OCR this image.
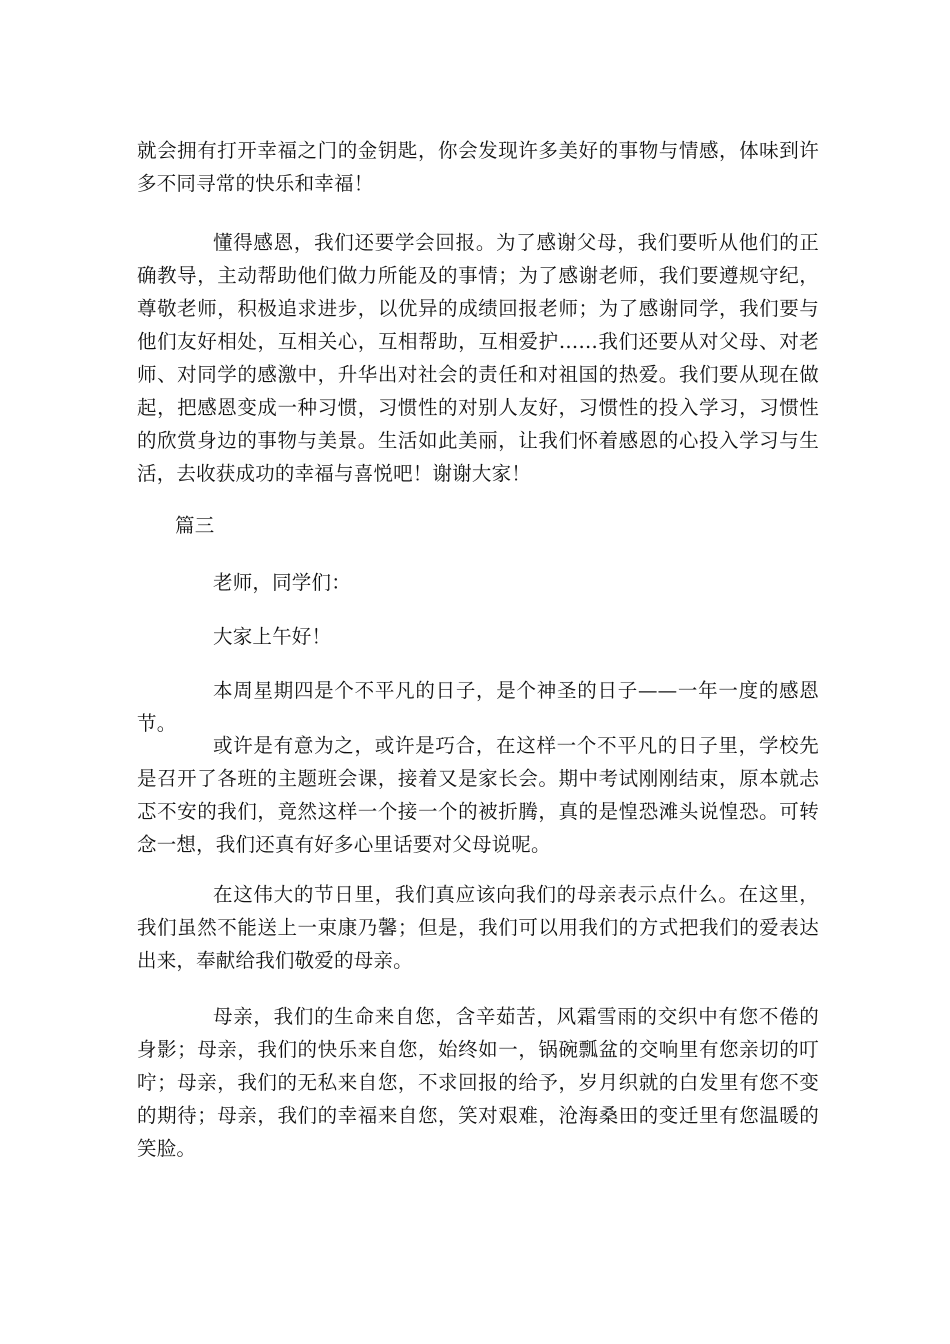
就会拥有打开幸福之门的金钥匙，你会发现许多美好的事物与情感，体味到许多不同寻常的快乐和幸福！

懂得感恩，我们还要学会回报。为了感谢父母，我们要听从他们的正确教导，主动帮助他们做力所能及的事情；为了感谢老师，我们要遵规守纪，尊敬老师，积极追求进步，以优异的成绩回报老师；为了感谢同学，我们要与他们友好相处，互相关心，互相帮助，互相爱护……我们还要从对父母、对老师、对同学的感激中，升华出对社会的责任和对祖国的热爱。我们要从现在做起，把感恩变成一种习惯，习惯性的对别人友好，习惯性的投入学习，习惯性的欣赏身边的事物与美景。生活如此美丽，让我们怀着感恩的心投入学习与生活，去收获成功的幸福与喜悦吧！谢谢大家！

篇三

老师，同学们：

大家上午好！

本周星期四是个不平凡的日子，是个神圣的日子——一年一度的感恩节。

或许是有意为之，或许是巧合，在这样一个不平凡的日子里，学校先是召开了各班的主题班会课，接着又是家长会。期中考试刚刚结束，原本就忐忑不安的我们，竟然这样一个接一个的被折腾，真的是惶恐滩头说惶恐。可转念一想，我们还真有好多心里话要对父母说呢。

在这伟大的节日里，我们真应该向我们的母亲表示点什么。在这里，我们虽然不能送上一束康乃馨；但是，我们可以用我们的方式把我们的爱表达出来，奉献给我们敬爱的母亲。

母亲，我们的生命来自您，含辛茹苦，风霜雪雨的交织中有您不倦的身影；母亲，我们的快乐来自您，始终如一，锅碗瓢盆的交响里有您亲切的叮咛；母亲，我们的无私来自您，不求回报的给予，岁月织就的白发里有您不变的期待；母亲，我们的幸福来自您，笑对艰难，沧海桑田的变迁里有您温暖的笑脸。
